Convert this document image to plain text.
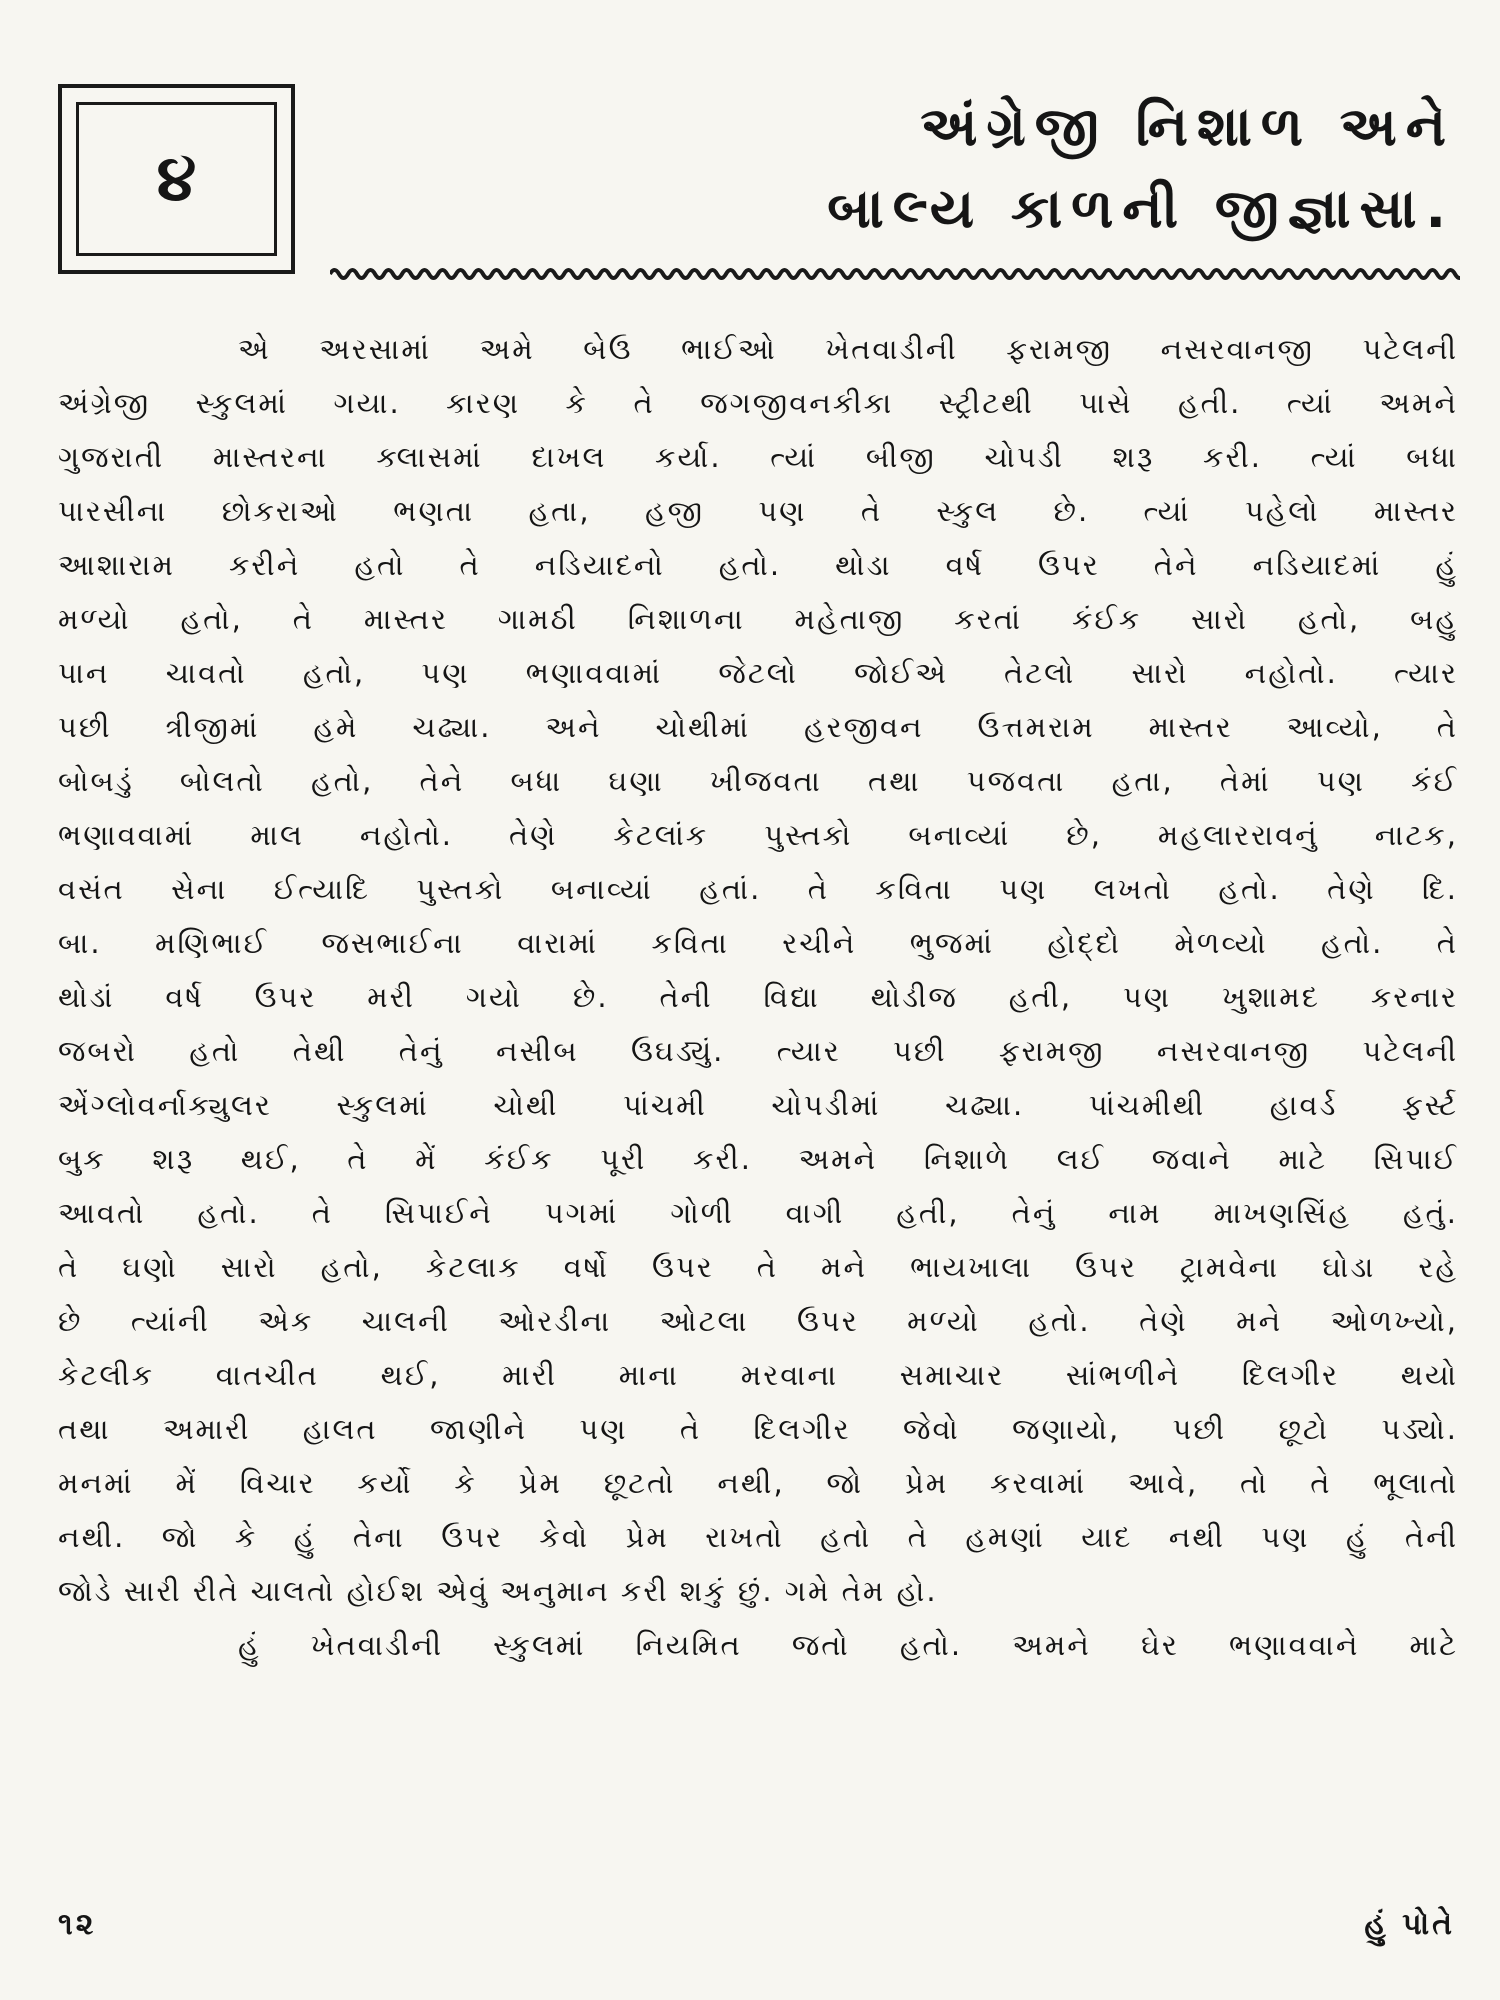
૪
અંગ્રેજી નિશાળ અને
બાલ્ય કાળની જીજ્ઞાસા.
એ અરસામાં અમે બેઉ ભાઈઓ ખેતવાડીની ફરામજી નસરવાનજી પટેલની
અંગ્રેજી સ્કુલમાં ગયા. કારણ કે તે જગજીવનકીકા સ્ટ્રીટથી પાસે હતી. ત્યાં અમને
ગુજરાતી માસ્તરના ક્લાસમાં દાખલ કર્યા. ત્યાં બીજી ચોપડી શરૂ કરી. ત્યાં બધા
પારસીના છોકરાઓ ભણતા હતા, હજી પણ તે સ્કુલ છે. ત્યાં પહેલો માસ્તર
આશારામ કરીને હતો તે નડિયાદનો હતો. થોડા વર્ષ ઉપર તેને નડિયાદમાં હું
મળ્યો હતો, તે માસ્તર ગામઠી નિશાળના મહેતાજી કરતાં કંઈક સારો હતો, બહુ
પાન ચાવતો હતો, પણ ભણાવવામાં જેટલો જોઈએ તેટલો સારો નહોતો. ત્યાર
પછી ત્રીજીમાં હમે ચઢ્યા. અને ચોથીમાં હરજીવન ઉત્તમરામ માસ્તર આવ્યો, તે
બોબડું બોલતો હતો, તેને બધા ઘણા ખીજવતા તથા પજવતા હતા, તેમાં પણ કંઈ
ભણાવવામાં માલ નહોતો. તેણે કેટલાંક પુસ્તકો બનાવ્યાં છે, મહલારરાવનું નાટક,
વસંત સેના ઈત્યાદિ પુસ્તકો બનાવ્યાં હતાં. તે કવિતા પણ લખતો હતો. તેણે દિ.
બા. મણિભાઈ જસભાઈના વારામાં કવિતા રચીને ભુજમાં હોદ્દો મેળવ્યો હતો. તે
થોડાં વર્ષ ઉપર મરી ગયો છે. તેની વિદ્યા થોડીજ હતી, પણ ખુશામદ કરનાર
જબરો હતો તેથી તેનું નસીબ ઉઘડ્યું. ત્યાર પછી ફરામજી નસરવાનજી પટેલની
એંગ્લોવર્નાક્યુલર સ્કુલમાં ચોથી પાંચમી ચોપડીમાં ચઢ્યા. પાંચમીથી હાવર્ડ ફર્સ્ટ
બુક શરૂ થઈ, તે મેં કંઈક પૂરી કરી. અમને નિશાળે લઈ જવાને માટે સિપાઈ
આવતો હતો. તે સિપાઈને પગમાં ગોળી વાગી હતી, તેનું નામ માખણસિંહ હતું.
તે ઘણો સારો હતો, કેટલાક વર્ષો ઉપર તે મને ભાયખાલા ઉપર ટ્રામવેના ઘોડા રહે
છે ત્યાંની એક ચાલની ઓરડીના ઓટલા ઉપર મળ્યો હતો. તેણે મને ઓળખ્યો,
કેટલીક વાતચીત થઈ, મારી માના મરવાના સમાચાર સાંભળીને દિલગીર થયો
તથા અમારી હાલત જાણીને પણ તે દિલગીર જેવો જણાયો, પછી છૂટો પડ્યો.
મનમાં મેં વિચાર કર્યો કે પ્રેમ છૂટતો નથી, જો પ્રેમ કરવામાં આવે, તો તે ભૂલાતો
નથી. જો કે હું તેના ઉપર કેવો પ્રેમ રાખતો હતો તે હમણાં યાદ નથી પણ હું તેની
જોડે સારી રીતે ચાલતો હોઈશ એવું અનુમાન કરી શકું છું. ગમે તેમ હો.
હું ખેતવાડીની સ્કુલમાં નિયમિત જતો હતો. અમને ઘેર ભણાવવાને માટે
૧૨	હું પોતે
